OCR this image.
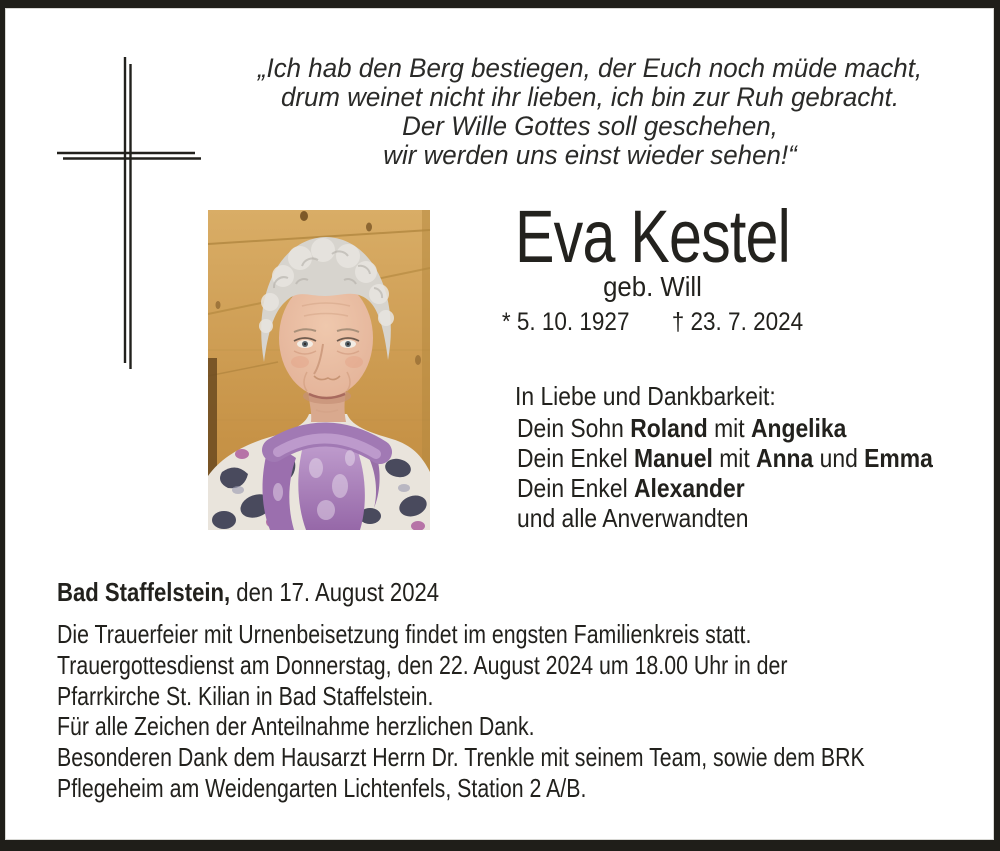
„Ich hab den Berg bestiegen, der Euch noch müde macht,
drum weinet nicht ihr lieben, ich bin zur Ruh gebracht.
Der Wille Gottes soll geschehen,
wir werden uns einst wieder sehen!“
Eva Kestel
geb. Will
* 5. 10. 1927 † 23. 7. 2024
In Liebe und Dankbarkeit:
Dein Sohn Roland mit Angelika
Dein Enkel Manuel mit Anna und Emma
Dein Enkel Alexander
und alle Anverwandten
Bad Staffelstein, den 17. August 2024
Die Trauerfeier mit Urnenbeisetzung findet im engsten Familienkreis statt.
Trauergottesdienst am Donnerstag, den 22. August 2024 um 18.00 Uhr in der
Pfarrkirche St. Kilian in Bad Staffelstein.
Für alle Zeichen der Anteilnahme herzlichen Dank.
Besonderen Dank dem Hausarzt Herrn Dr. Trenkle mit seinem Team, sowie dem BRK
Pflegeheim am Weidengarten Lichtenfels, Station 2 A/B.
